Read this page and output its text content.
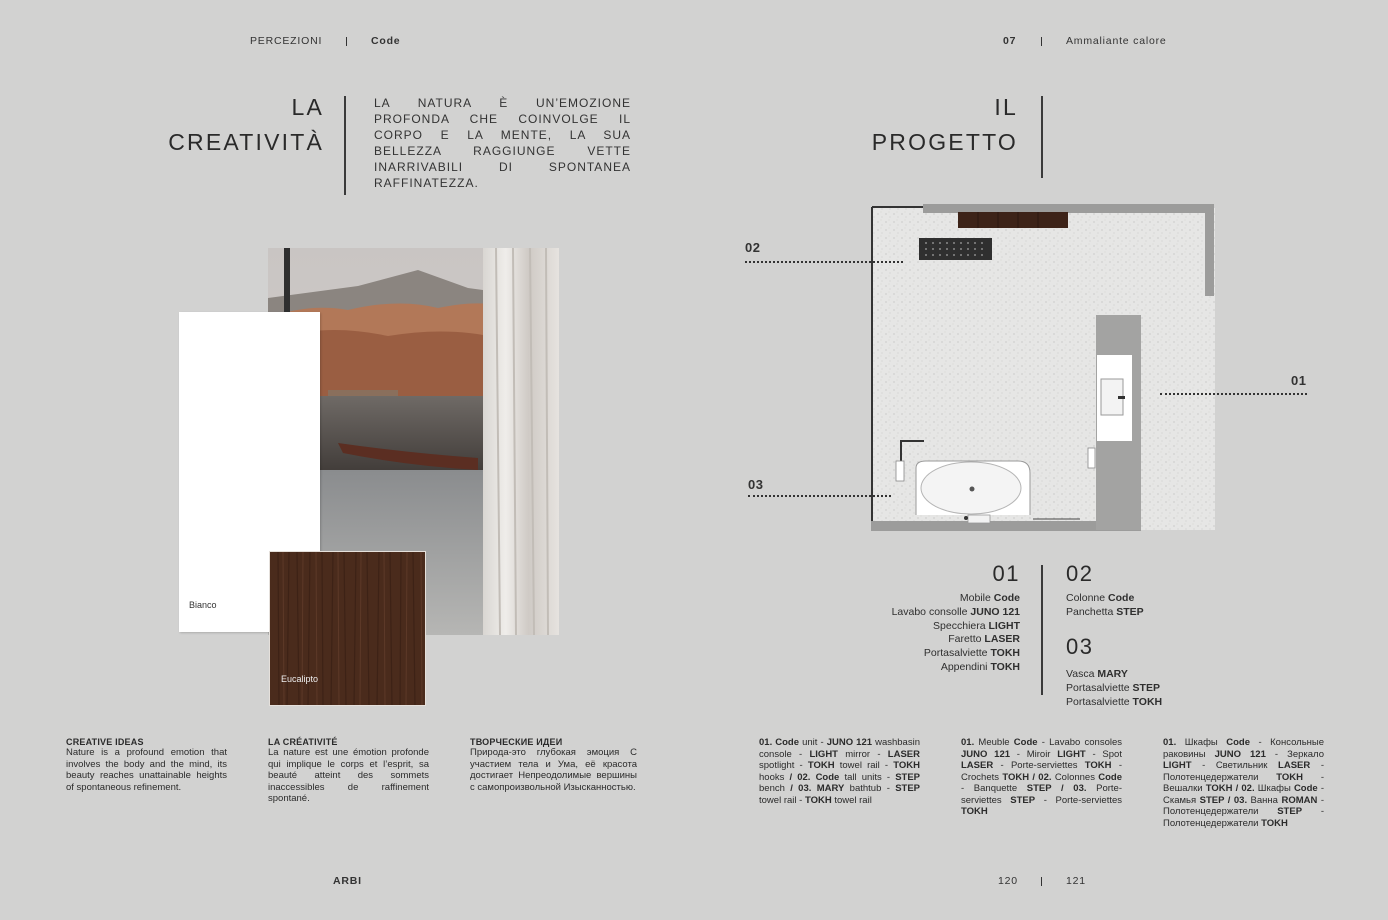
PERCEZIONI	Code	07	Ammaliante calore
LA
CREATIVITÀ
LA NATURA È UN’EMOZIONE PROFONDA CHE COINVOLGE IL CORPO E LA MENTE, LA SUA BELLEZZA RAGGIUNGE VETTE INARRIVABILI DI SPONTANEA RAFFINATEZZA.
IL
PROGETTO
Bianco
Eucalipto
CREATIVE IDEAS

Nature is a profound emotion that involves the body and the mind, its beauty reaches unattainable heights of spontaneous refinement.

LA CRÉATIVITÉ

La nature est une émotion profonde qui implique le corps et l’esprit, sa beauté atteint des sommets inaccessibles de raffinement spontané.

ТВОРЧЕСКИЕ ИДЕИ

Природа-это глубокая эмоция С участием тела и Ума, её красота достигает Непреодолимые вершины с самопроизвольной Изысканностью.

02
01
03
01
Mobile Code
Lavabo consolle JUNO 121
Specchiera LIGHT
Faretto LASER
Portasalviette TOKH
Appendini TOKH
02
Colonne Code
Panchetta STEP
03
Vasca MARY
Portasalviette STEP
Portasalviette TOKH
01. Code unit - JUNO 121 washbasin console - LIGHT mirror - LASER spotlight - TOKH towel rail - TOKH hooks / 02. Code tall units - STEP bench / 03. MARY bathtub - STEP towel rail - TOKH towel rail
01. Meuble Code - Lavabo consoles JUNO 121 - Miroir LIGHT - Spot LASER - Porte-serviettes TOKH - Crochets TOKH / 02. Colonnes Code - Banquette STEP / 03. Porte-serviettes STEP - Porte-serviettes TOKH
01. Шкафы Code - Консольные раковины JUNO 121 - Зеркало LIGHT - Светильник LASER - Полотенцедержатели TOKH - Вешалки TOKH / 02. Шкафы Code - Скамья STEP / 03. Ванна ROMAN - Полотенцедержатели STEP - Полотенцедержатели TOKH
ARBI	120	121
